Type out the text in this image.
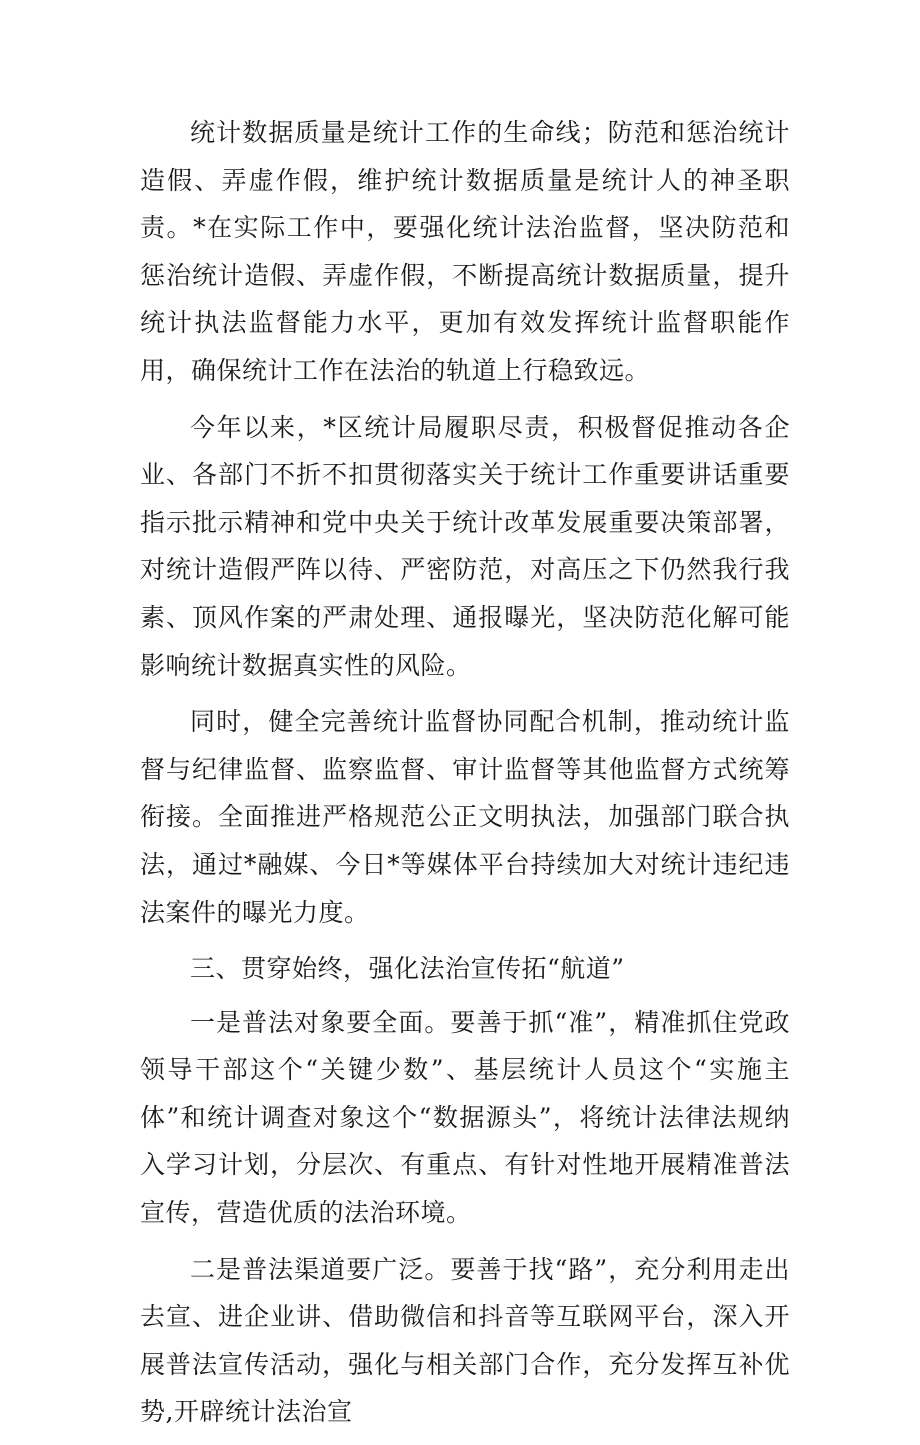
统计数据质量是统计工作的生命线；防范和惩治统计造假、弄虚作假，维护统计数据质量是统计人的神圣职责。*在实际工作中，要强化统计法治监督，坚决防范和惩治统计造假、弄虚作假，不断提高统计数据质量，提升统计执法监督能力水平，更加有效发挥统计监督职能作用，确保统计工作在法治的轨道上行稳致远。

今年以来，*区统计局履职尽责，积极督促推动各企业、各部门不折不扣贯彻落实关于统计工作重要讲话重要指示批示精神和党中央关于统计改革发展重要决策部署，对统计造假严阵以待、严密防范，对高压之下仍然我行我素、顶风作案的严肃处理、通报曝光，坚决防范化解可能影响统计数据真实性的风险。

同时，健全完善统计监督协同配合机制，推动统计监督与纪律监督、监察监督、审计监督等其他监督方式统筹衔接。全面推进严格规范公正文明执法，加强部门联合执法，通过*融媒、今日*等媒体平台持续加大对统计违纪违法案件的曝光力度。

三、贯穿始终，强化法治宣传拓“航道”

一是普法对象要全面。要善于抓“准”，精准抓住党政领导干部这个“关键少数”、基层统计人员这个“实施主体”和统计调查对象这个“数据源头”，将统计法律法规纳入学习计划，分层次、有重点、有针对性地开展精准普法宣传，营造优质的法治环境。

二是普法渠道要广泛。要善于找“路”，充分利用走出去宣、进企业讲、借助微信和抖音等互联网平台，深入开展普法宣传活动，强化与相关部门合作，充分发挥互补优势,开辟统计法治宣
